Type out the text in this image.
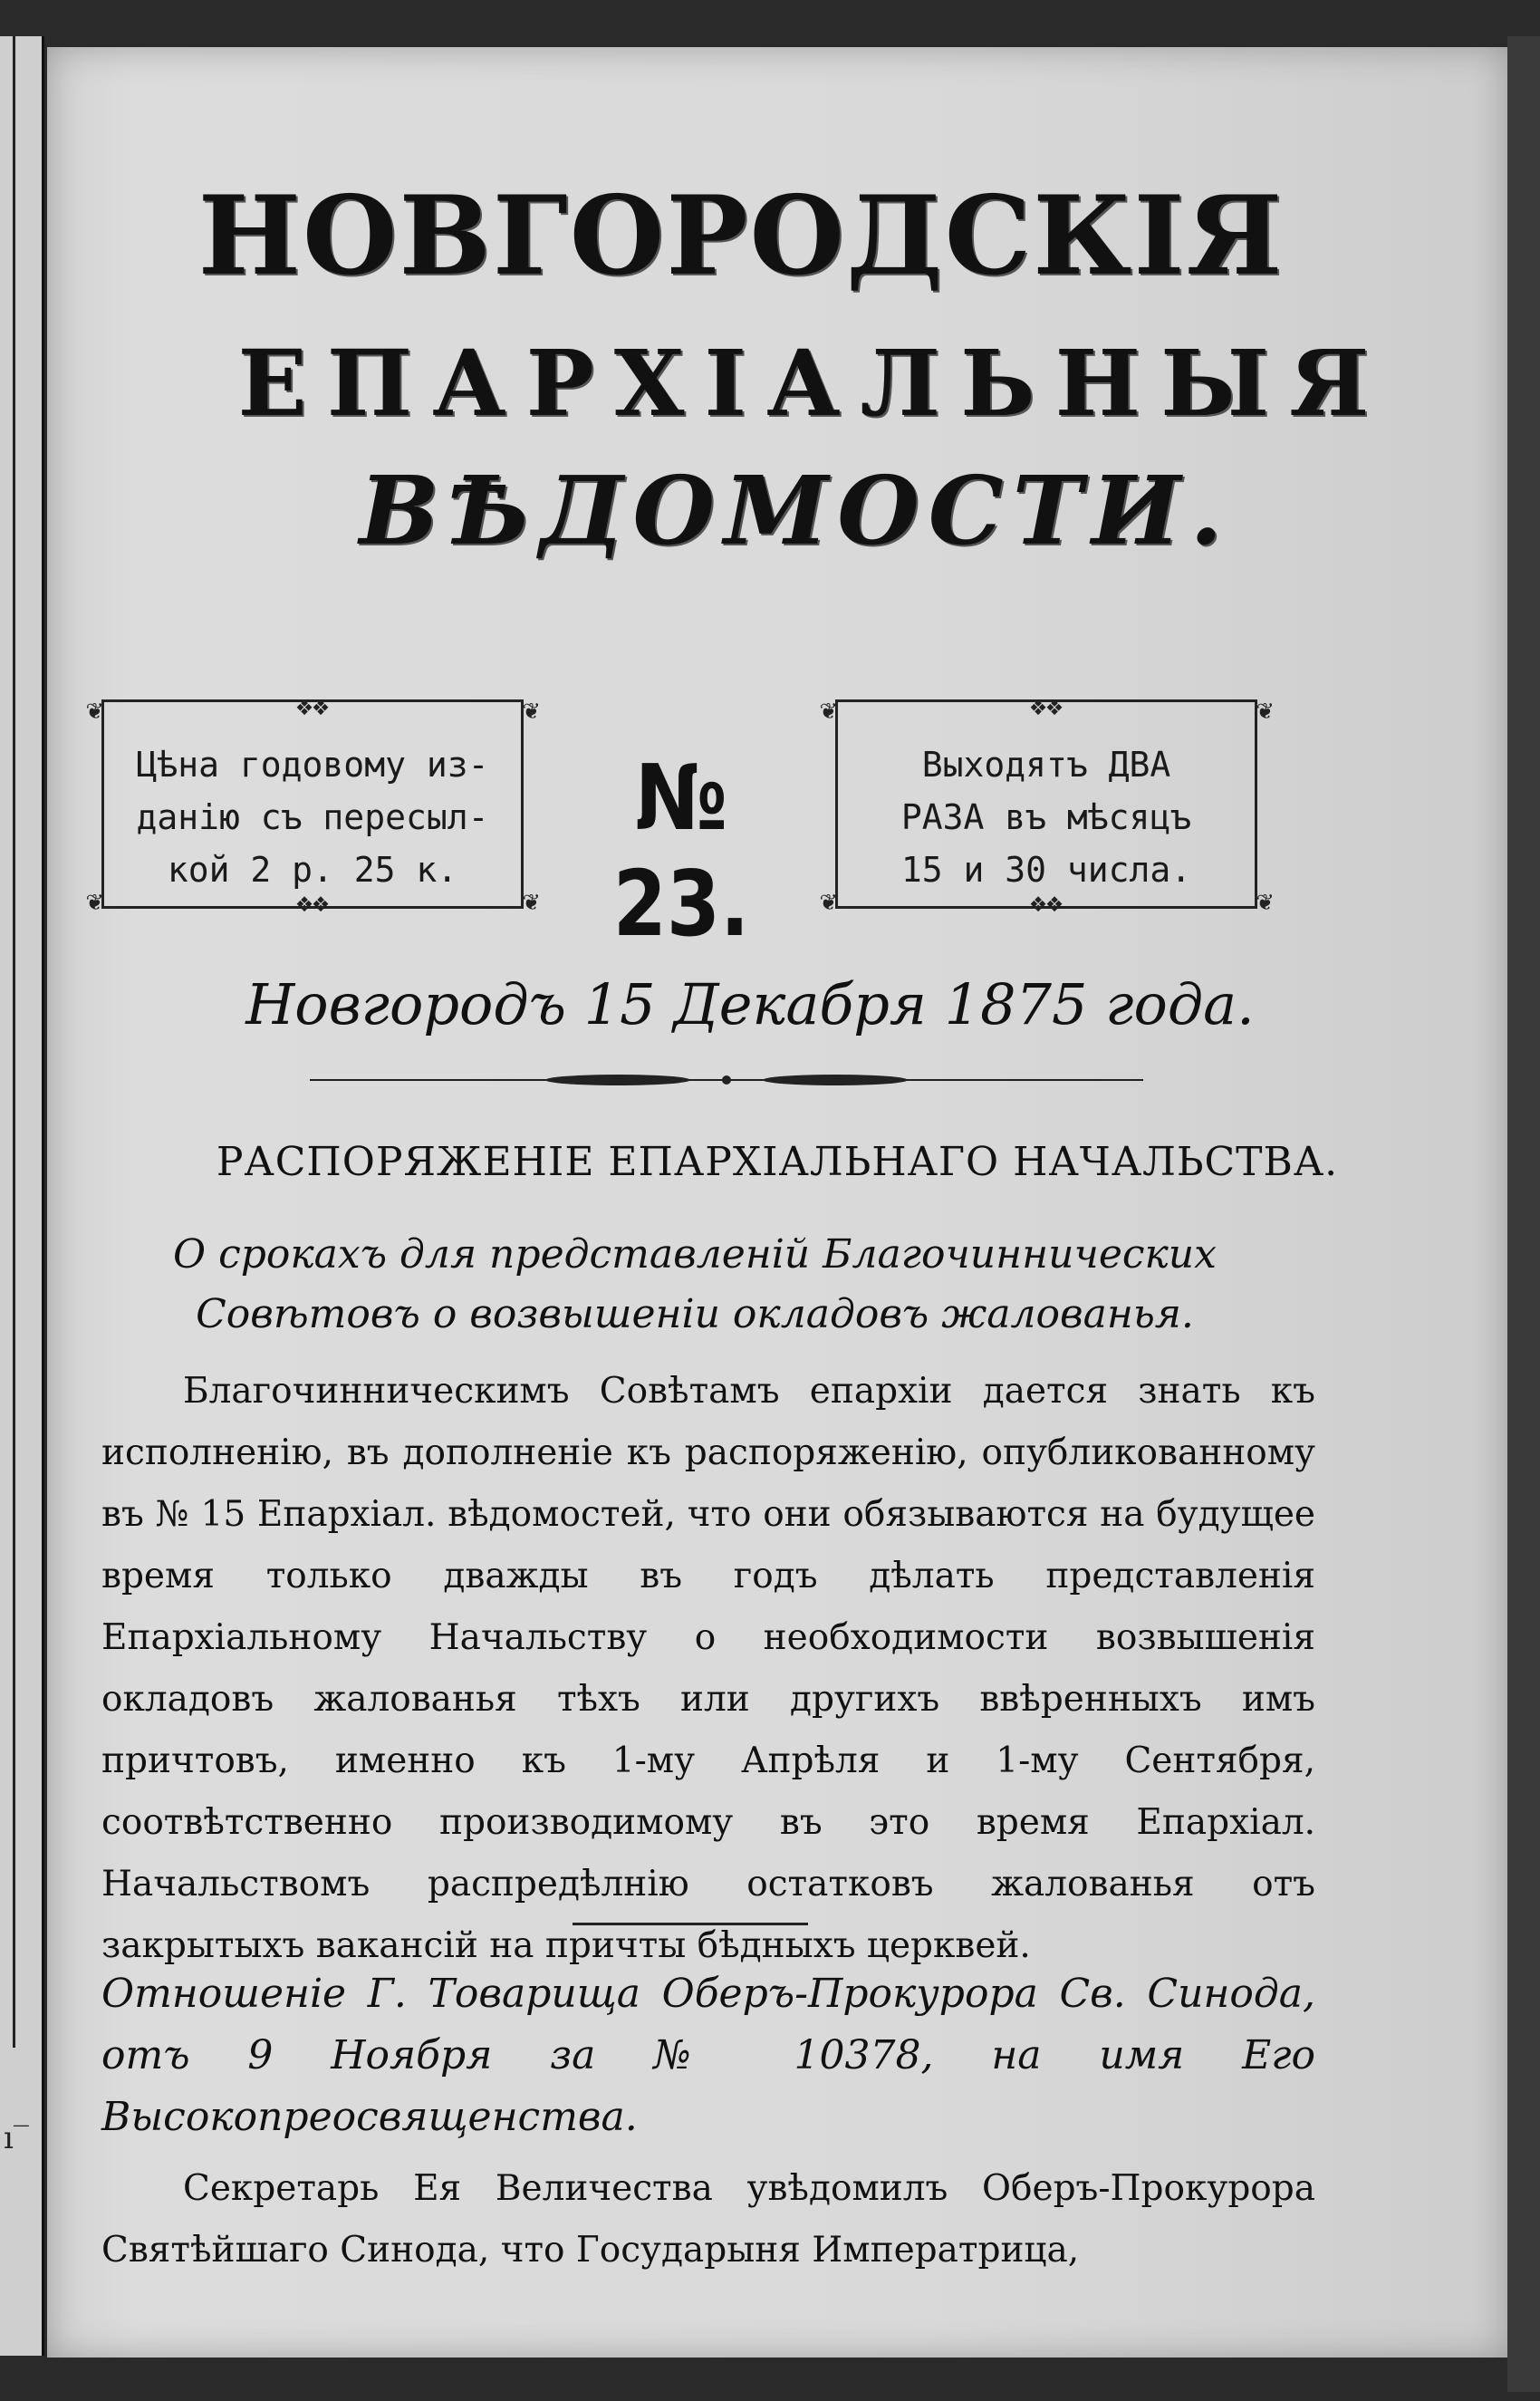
ı‾
НОВГОРОДСКІЯ
ЕПАРХІАЛЬНЫЯ
ВѢДОМОСТИ.
❦	❦
❦	❦
❖❖
❖❖
Цѣна годовому из-
данію съ пересыл-
кой 2 р. 25 к.
№ 23.
❦	❦
❦	❦
❖❖
❖❖
Выходятъ ДВА
РАЗА въ мѣсяцъ
15 и 30 числа.
Новгородъ 15 Декабря 1875 года.
РАСПОРЯЖЕНІЕ ЕПАРХІАЛЬНАГО НАЧАЛЬСТВА.
О срокахъ для представленій Благочиннических Совѣтовъ о возвышеніи окладовъ жалованья.
Благочинническимъ Совѣтамъ епархіи дается знать къ исполненію, въ дополненіе къ распоряженію, опубликованному въ № 15 Епархіал. вѣдомостей, что они обязываются на будущее время только дважды въ годъ дѣлать представленія Епархіальному Начальству о необходимости возвышенія окладовъ жалованья тѣхъ или другихъ ввѣренныхъ имъ причтовъ, именно къ 1-му Апрѣля и 1-му Сентября, соотвѣтственно производимому въ это время Епархіал. Начальствомъ распредѣлнію остатковъ жалованья отъ закрытыхъ вакансій на причты бѣдныхъ церквей.
Отношеніе Г. Товарища Оберъ-Прокурора Св. Синода, отъ 9 Ноября за № 10378, на имя Его Высокопреосвященства.
Секретарь Ея Величества увѣдомилъ Оберъ-Прокурора Святѣйшаго Синода, что Государыня Императрица,
